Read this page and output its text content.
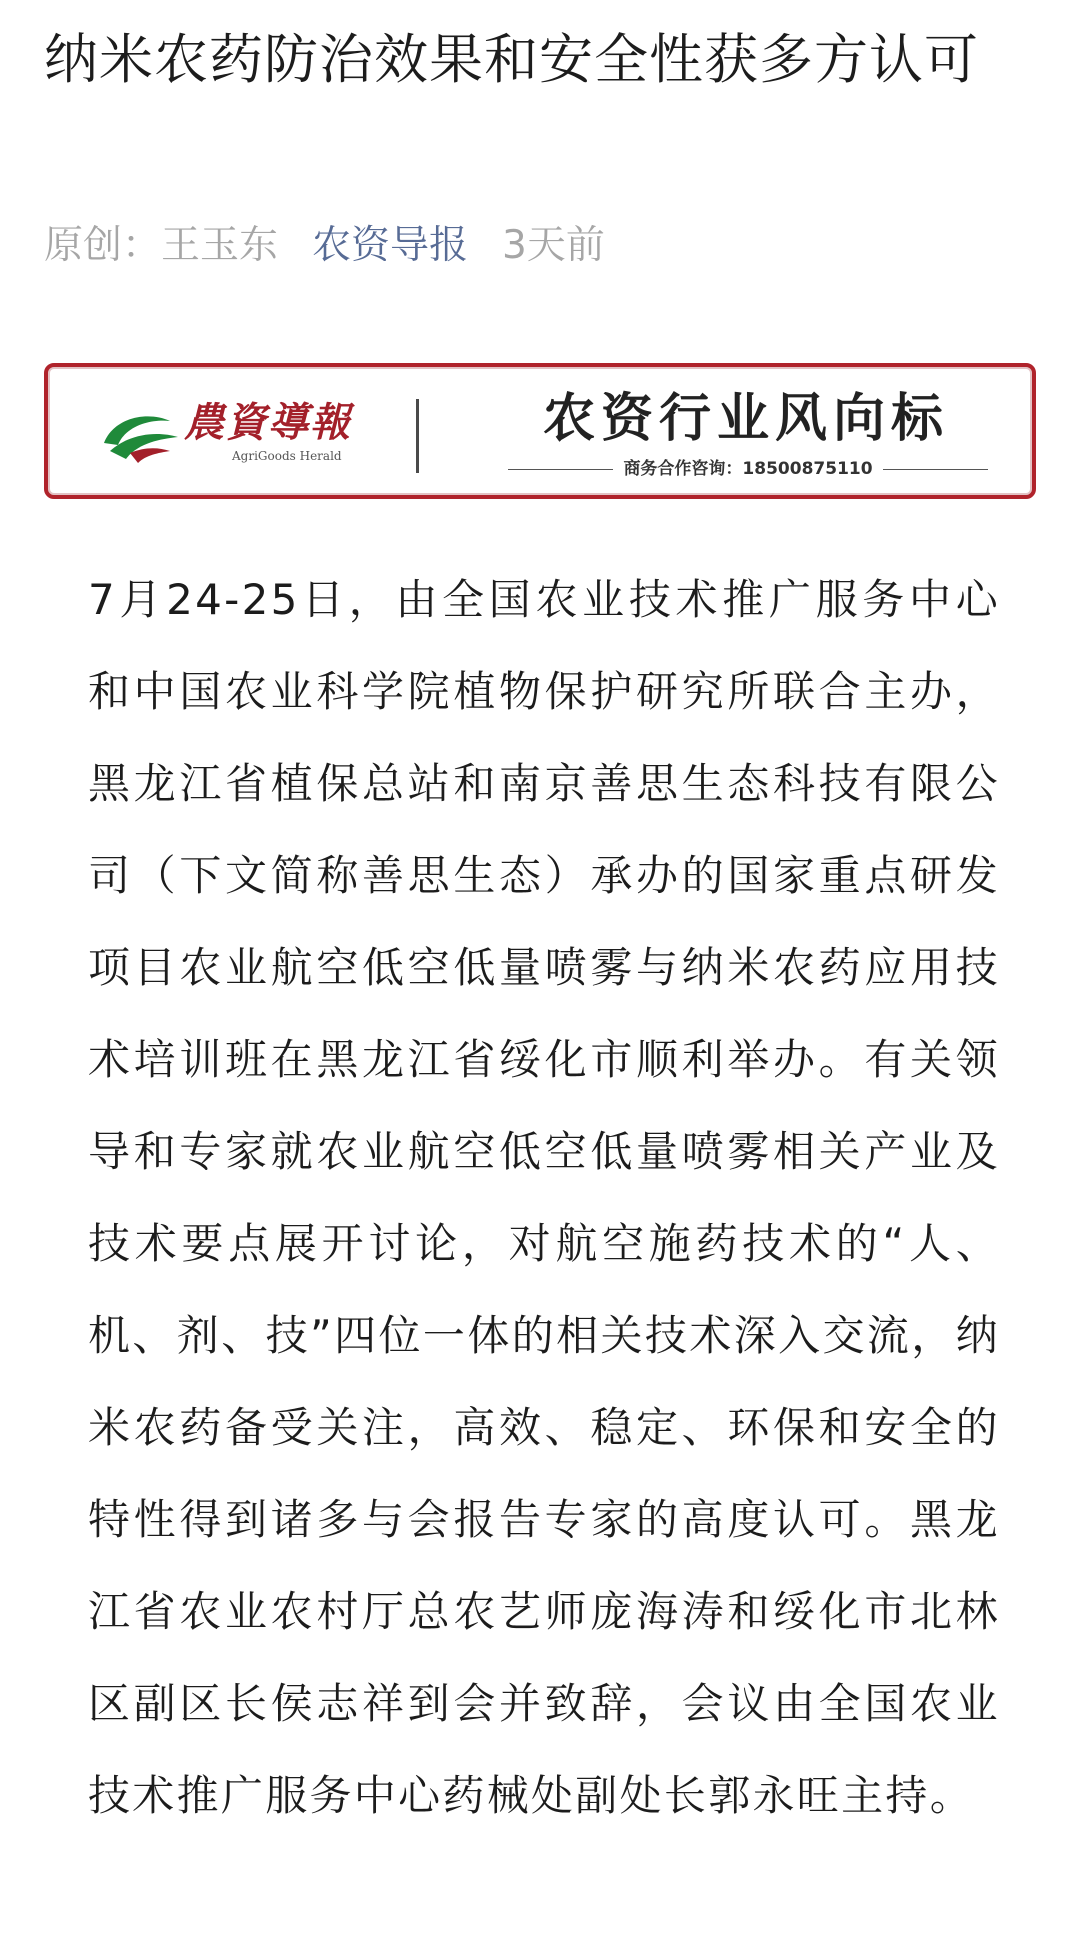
纳米农药防治效果和安全性获多方认可
原创：王玉东 农资导报 3天前
農資導報
AgriGoods Herald
农资行业风向标
商务合作咨询：18500875110

7月24-25日，由全国农业技术推广服务中心和中国农业科学院植物保护研究所联合主办，黑龙江省植保总站和南京善思生态科技有限公司（下文简称善思生态）承办的国家重点研发项目农业航空低空低量喷雾与纳米农药应用技术培训班在黑龙江省绥化市顺利举办。有关领导和专家就农业航空低空低量喷雾相关产业及技术要点展开讨论，对航空施药技术的“人、机、剂、技”四位一体的相关技术深入交流，纳米农药备受关注，高效、稳定、环保和安全的特性得到诸多与会报告专家的高度认可。黑龙江省农业农村厅总农艺师庞海涛和绥化市北林区副区长侯志祥到会并致辞，会议由全国农业技术推广服务中心药械处副处长郭永旺主持。
